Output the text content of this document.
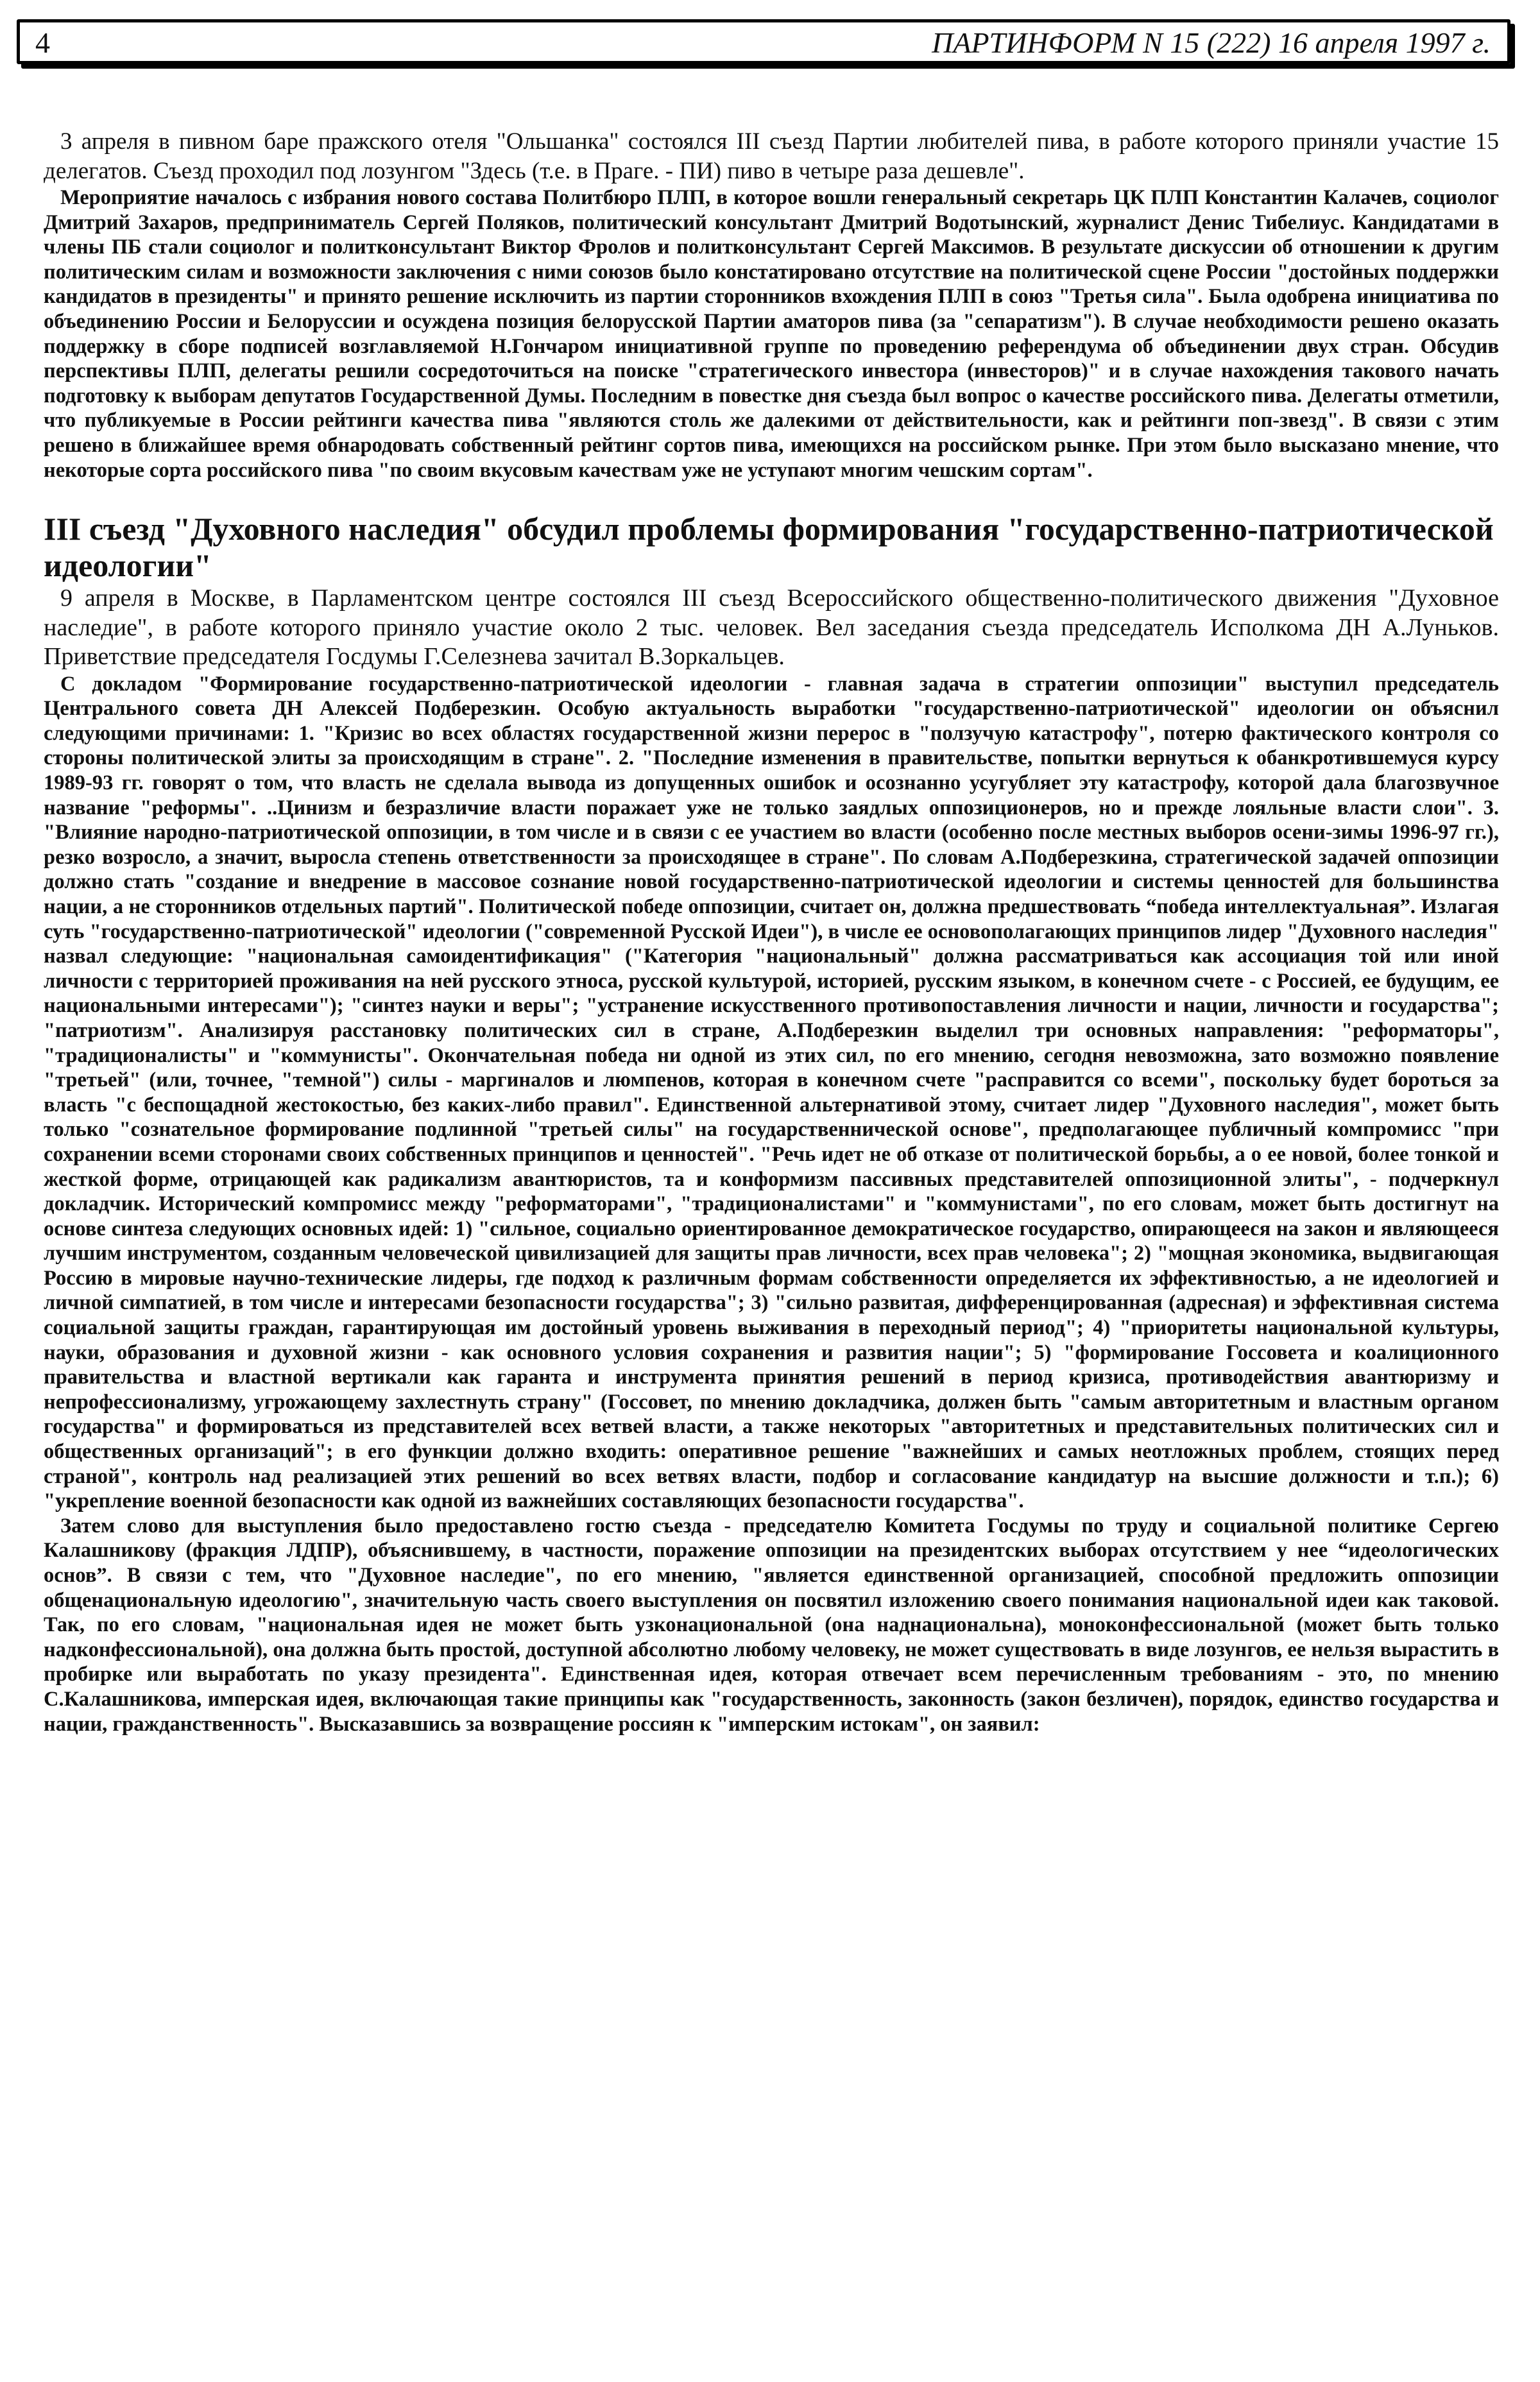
4	ПАРТИНФОРМ N 15 (222) 16 апреля 1997 г.

3 апреля в пивном баре пражского отеля "Ольшанка" состоялся III съезд Партии любителей пива, в работе которого приняли участие 15 делегатов. Съезд проходил под лозунгом "Здесь (т.е. в Праге. - ПИ) пиво в четыре раза дешевле".

Мероприятие началось с избрания нового состава Политбюро ПЛП, в которое вошли генеральный секретарь ЦК ПЛП Константин Калачев, социолог Дмитрий Захаров, предприниматель Сергей Поляков, политический консультант Дмитрий Водотынский, журналист Денис Тибелиус. Кандидатами в члены ПБ стали социолог и политконсультант Виктор Фролов и политконсультант Сергей Максимов. В результате дискуссии об отношении к другим политическим силам и возможности заключения с ними союзов было констатировано отсутствие на политической сцене России "достойных поддержки кандидатов в президенты" и принято решение исключить из партии сторонников вхождения ПЛП в союз "Третья сила". Была одобрена инициатива по объединению России и Белоруссии и осуждена позиция белорусской Партии аматоров пива (за "сепаратизм"). В случае необходимости решено оказать поддержку в сборе подписей возглавляемой Н.Гончаром инициативной группе по проведению референдума об объединении двух стран. Обсудив перспективы ПЛП, делегаты решили сосредоточиться на поиске "стратегического инвестора (инвесторов)" и в случае нахождения такового начать подготовку к выборам депутатов Государственной Думы. Последним в повестке дня съезда был вопрос о качестве российского пива. Делегаты отметили, что публикуемые в России рейтинги качества пива "являются столь же далекими от действительности, как и рейтинги поп-звезд". В связи с этим решено в ближайшее время обнародовать собственный рейтинг сортов пива, имеющихся на российском рынке. При этом было высказано мнение, что некоторые сорта российского пива "по своим вкусовым качествам уже не уступают многим чешским сортам".

III съезд "Духовного наследия" обсудил проблемы формирования "государственно-патриотической идеологии"

9 апреля в Москве, в Парламентском центре состоялся III съезд Всероссийского общественно-политического движения "Духовное наследие", в работе которого приняло участие около 2 тыс. человек. Вел заседания съезда председатель Исполкома ДН А.Луньков. Приветствие председателя Госдумы Г.Селезнева зачитал В.Зоркальцев.

С докладом "Формирование государственно-патриотической идеологии - главная задача в стратегии оппозиции" выступил председатель Центрального совета ДН Алексей Подберезкин. Особую актуальность выработки "государственно-патриотической" идеологии он объяснил следующими причинами: 1. "Кризис во всех областях государственной жизни перерос в "ползучую катастрофу", потерю фактического контроля со стороны политической элиты за происходящим в стране". 2. "Последние изменения в правительстве, попытки вернуться к обанкротившемуся курсу 1989-93 гг. говорят о том, что власть не сделала вывода из допущенных ошибок и осознанно усугубляет эту катастрофу, которой дала благозвучное название "реформы". ..Цинизм и безразличие власти поражает уже не только заядлых оппозиционеров, но и прежде лояльные власти слои". 3. "Влияние народно-патриотической оппозиции, в том числе и в связи с ее участием во власти (особенно после местных выборов осени-зимы 1996-97 гг.), резко возросло, а значит, выросла степень ответственности за происходящее в стране". По словам А.Подберезкина, стратегической задачей оппозиции должно стать "создание и внедрение в массовое сознание новой государственно-патриотической идеологии и системы ценностей для большинства нации, а не сторонников отдельных партий". Политической победе оппозиции, считает он, должна предшествовать “победа интеллектуальная”. Излагая суть "государственно-патриотической" идеологии ("современной Русской Идеи"), в числе ее основополагающих принципов лидер "Духовного наследия" назвал следующие: "национальная самоидентификация" ("Категория "национальный" должна рассматриваться как ассоциация той или иной личности с территорией проживания на ней русского этноса, русской культурой, историей, русским языком, в конечном счете - с Россией, ее будущим, ее национальными интересами"); "синтез науки и веры"; "устранение искусственного противопоставления личности и нации, личности и государства"; "патриотизм". Анализируя расстановку политических сил в стране, А.Подберезкин выделил три основных направления: "реформаторы", "традиционалисты" и "коммунисты". Окончательная победа ни одной из этих сил, по его мнению, сегодня невозможна, зато возможно появление "третьей" (или, точнее, "темной") силы - маргиналов и люмпенов, которая в конечном счете "расправится со всеми", поскольку будет бороться за власть "с беспощадной жестокостью, без каких-либо правил". Единственной альтернативой этому, считает лидер "Духовного наследия", может быть только "сознательное формирование подлинной "третьей силы" на государственнической основе", предполагающее публичный компромисс "при сохранении всеми сторонами своих собственных принципов и ценностей". "Речь идет не об отказе от политической борьбы, а о ее новой, более тонкой и жесткой форме, отрицающей как радикализм авантюристов, та и конформизм пассивных представителей оппозиционной элиты", - подчеркнул докладчик. Исторический компромисс между "реформаторами", "традиционалистами" и "коммунистами", по его словам, может быть достигнут на основе синтеза следующих основных идей: 1) "сильное, социально ориентированное демократическое государство, опирающееся на закон и являющееся лучшим инструментом, созданным человеческой цивилизацией для защиты прав личности, всех прав человека"; 2) "мощная экономика, выдвигающая Россию в мировые научно-технические лидеры, где подход к различным формам собственности определяется их эффективностью, а не идеологией и личной симпатией, в том числе и интересами безопасности государства"; 3) "сильно развитая, дифференцированная (адресная) и эффективная система социальной защиты граждан, гарантирующая им достойный уровень выживания в переходный период"; 4) "приоритеты национальной культуры, науки, образования и духовной жизни - как основного условия сохранения и развития нации"; 5) "формирование Госсовета и коалиционного правительства и властной вертикали как гаранта и инструмента принятия решений в период кризиса, противодействия авантюризму и непрофессионализму, угрожающему захлестнуть страну" (Госсовет, по мнению докладчика, должен быть "самым авторитетным и властным органом государства" и формироваться из представителей всех ветвей власти, а также некоторых "авторитетных и представительных политических сил и общественных организаций"; в его функции должно входить: оперативное решение "важнейших и самых неотложных проблем, стоящих перед страной", контроль над реализацией этих решений во всех ветвях власти, подбор и согласование кандидатур на высшие должности и т.п.); 6) "укрепление военной безопасности как одной из важнейших составляющих безопасности государства".

Затем слово для выступления было предоставлено гостю съезда - председателю Комитета Госдумы по труду и социальной политике Сергею Калашникову (фракция ЛДПР), объяснившему, в частности, поражение оппозиции на президентских выборах отсутствием у нее “идеологических основ”. В связи с тем, что "Духовное наследие", по его мнению, "является единственной организацией, способной предложить оппозиции общенациональную идеологию", значительную часть своего выступления он посвятил изложению своего понимания национальной идеи как таковой. Так, по его словам, "национальная идея не может быть узконациональной (она наднациональна), моноконфессиональной (может быть только надконфессиональной), она должна быть простой, доступной абсолютно любому человеку, не может существовать в виде лозунгов, ее нельзя вырастить в пробирке или выработать по указу президента". Единственная идея, которая отвечает всем перечисленным требованиям - это, по мнению С.Калашникова, имперская идея, включающая такие принципы как "государственность, законность (закон безличен), порядок, единство государства и нации, гражданственность". Высказавшись за возвращение россиян к "имперским истокам", он заявил:
